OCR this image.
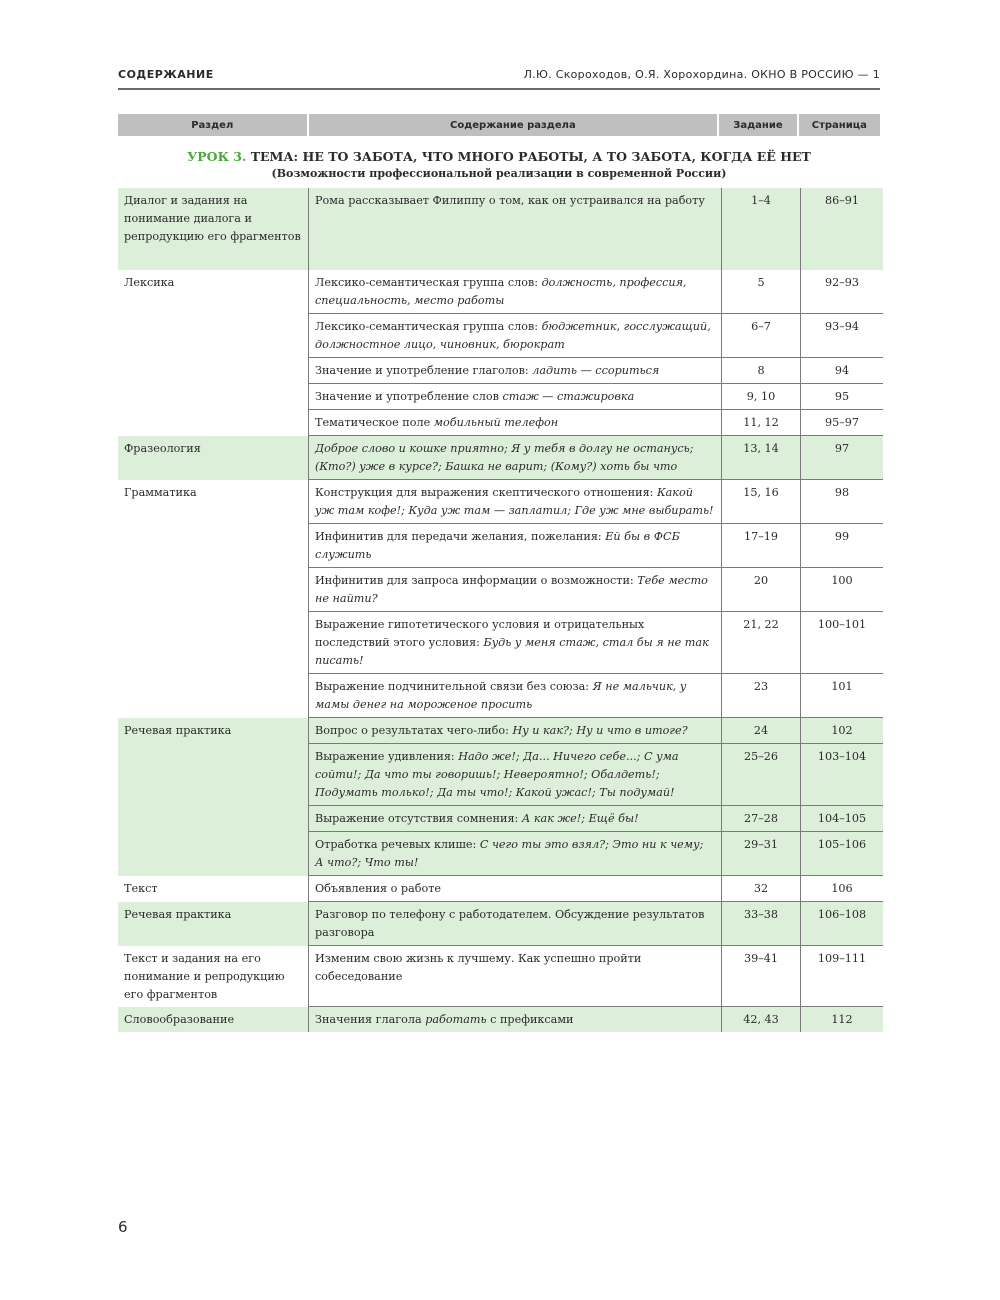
СОДЕРЖАНИЕ	Л.Ю. Скороходов, О.Я. Хорохордина. ОКНО В РОССИЮ — 1
Раздел	Содержание раздела	Задание	Страница
УРОК 3. ТЕМА: НЕ ТО ЗАБОТА, ЧТО МНОГО РАБОТЫ, А ТО ЗАБОТА, КОГДА ЕЁ НЕТ
(Возможности профессиональной реализации в современной России)
Диалог и задания на понимание диалога и репродукцию его фрагментов	Рома рассказывает Филиппу о том, как он устраивался на работу	1–4	86–91
Лексика	Лексико-семантическая группа слов: должность, профессия, специальность, место работы	5	92–93
	Лексико-семантическая группа слов: бюджетник, госслужащий, должностное лицо, чиновник, бюрократ	6–7	93–94
	Значение и употребление глаголов: ладить — ссориться	8	94
	Значение и употребление слов стаж — стажировка	9, 10	95
	Тематическое поле мобильный телефон	11, 12	95–97
Фразеология	Доброе слово и кошке приятно; Я у тебя в долгу не останусь; (Кто?) уже в курсе?; Башка не варит; (Кому?) хоть бы что	13, 14	97
Грамматика	Конструкция для выражения скептического отношения: Какой уж там кофе!; Куда уж там — заплатил; Где уж мне выбирать!	15, 16	98
	Инфинитив для передачи желания, пожелания: Ей бы в ФСБ служить	17–19	99
	Инфинитив для запроса информации о возможности: Тебе место не найти?	20	100
	Выражение гипотетического условия и отрицательных последствий этого условия: Будь у меня стаж, стал бы я не так писать!	21, 22	100–101
	Выражение подчинительной связи без союза: Я не мальчик, у мамы денег на мороженое просить	23	101
Речевая практика	Вопрос о результатах чего-либо: Ну и как?; Ну и что в итоге?	24	102
	Выражение удивления: Надо же!; Да... Ничего себе...; С ума сойти!; Да что ты говоришь!; Невероятно!; Обалдеть!; Подумать только!; Да ты что!; Какой ужас!; Ты подумай!	25–26	103–104
	Выражение отсутствия сомнения: А как же!; Ещё бы!	27–28	104–105
	Отработка речевых клише: С чего ты это взял?; Это ни к чему; А что?; Что ты!	29–31	105–106
Текст	Объявления о работе	32	106
Речевая практика	Разговор по телефону с работодателем. Обсуждение результатов разговора	33–38	106–108
Текст и задания на его понимание и репродукцию его фрагментов	Изменим свою жизнь к лучшему. Как успешно пройти собеседование	39–41	109–111
Словообразование	Значения глагола работать с префиксами	42, 43	112
6
